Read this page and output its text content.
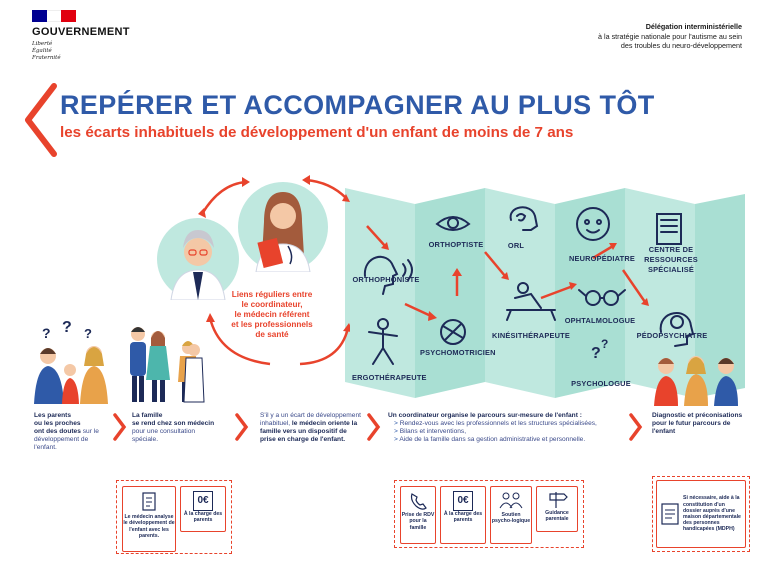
GOUVERNEMENT
Liberté
Égalité
Fraternité
Délégation interministérielle
à la stratégie nationale pour l'autisme au sein
des troubles du neuro-développement
×
REPÉRER ET ACCOMPAGNER AU PLUS TÔT
les écarts inhabituels de développement d'un enfant de moins de 7 ans
?
?
ORTHOPHONISTE
ORTHOPTISTE	ORL
NEUROPÉDIATRE
CENTRE DE
RESSOURCES
SPÉCIALISÉ
ERGOTHÉRAPEUTE
PSYCHOMOTRICIEN
KINÉSITHÉRAPEUTE
OPHTALMOLOGUE
PSYCHOLOGUE
PÉDOPSYCHIATRE
Liens réguliers entre
le coordinateur,
le médecin référent
et les professionnels
de santé
? ? ?
Les parents
ou les proches
ont des doutes sur le développement de l'enfant.
La famille
se rend chez son médecin pour une consultation spéciale.
S'il y a un écart de développement inhabituel, le médecin oriente la famille vers un dispositif de prise en charge de l'enfant.
Un coordinateur organise le parcours sur-mesure de l'enfant :
> Rendez-vous avec les professionnels et les structures spécialisées,
> Bilans et interventions,
> Aide de la famille dans sa gestion administrative et personnelle.
Diagnostic et préconisations pour le futur parcours de l'enfant
Le médecin analyse le développement de l'enfant avec les parents.
0€
À la charge des parents
Prise de RDV pour la famille
0€
À la charge des parents
Soutien psycho-logique
Guidance parentale
Si nécessaire, aide à la constitution d'un dossier auprès d'une maison départementale des personnes handicapées (MDPH)
